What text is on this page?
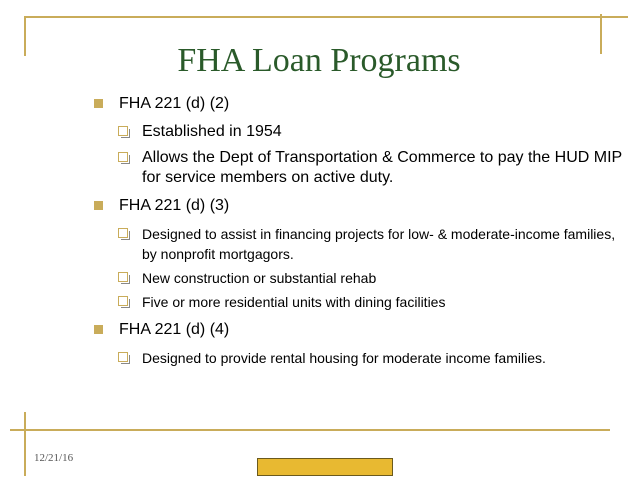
FHA Loan Programs
FHA 221 (d) (2)
Established in 1954
Allows the Dept of Transportation & Commerce to pay the HUD MIP for service members on active duty.
FHA 221 (d) (3)
Designed to assist in financing projects for low- & moderate-income families, by nonprofit mortgagors.
New construction or substantial rehab
Five or more residential units with dining facilities
FHA 221 (d) (4)
Designed to provide rental housing for moderate income families.
12/21/16
